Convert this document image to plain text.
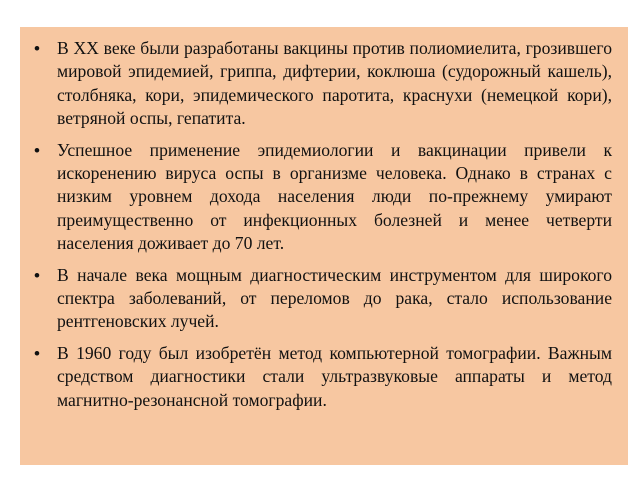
• В XX веке были разработаны вакцины против полиомиелита, грозившего мировой эпидемией, гриппа, дифтерии, коклюша (судорожный кашель), столбняка, кори, эпидемического паротита, краснухи (немецкой кори), ветряной оспы, гепатита.
• Успешное применение эпидемиологии и вакцинации привели к искоренению вируса оспы в организме человека. Однако в странах с низким уровнем дохода населения люди по-прежнему умирают преимущественно от инфекционных болезней и менее четверти населения доживает до 70 лет.
• В начале века мощным диагностическим инструментом для широкого спектра заболеваний, от переломов до рака, стало использование рентгеновских лучей.
• В 1960 году был изобретён метод компьютерной томографии. Важным средством диагностики стали ультразвуковые аппараты и метод магнитно-резонансной томографии.
